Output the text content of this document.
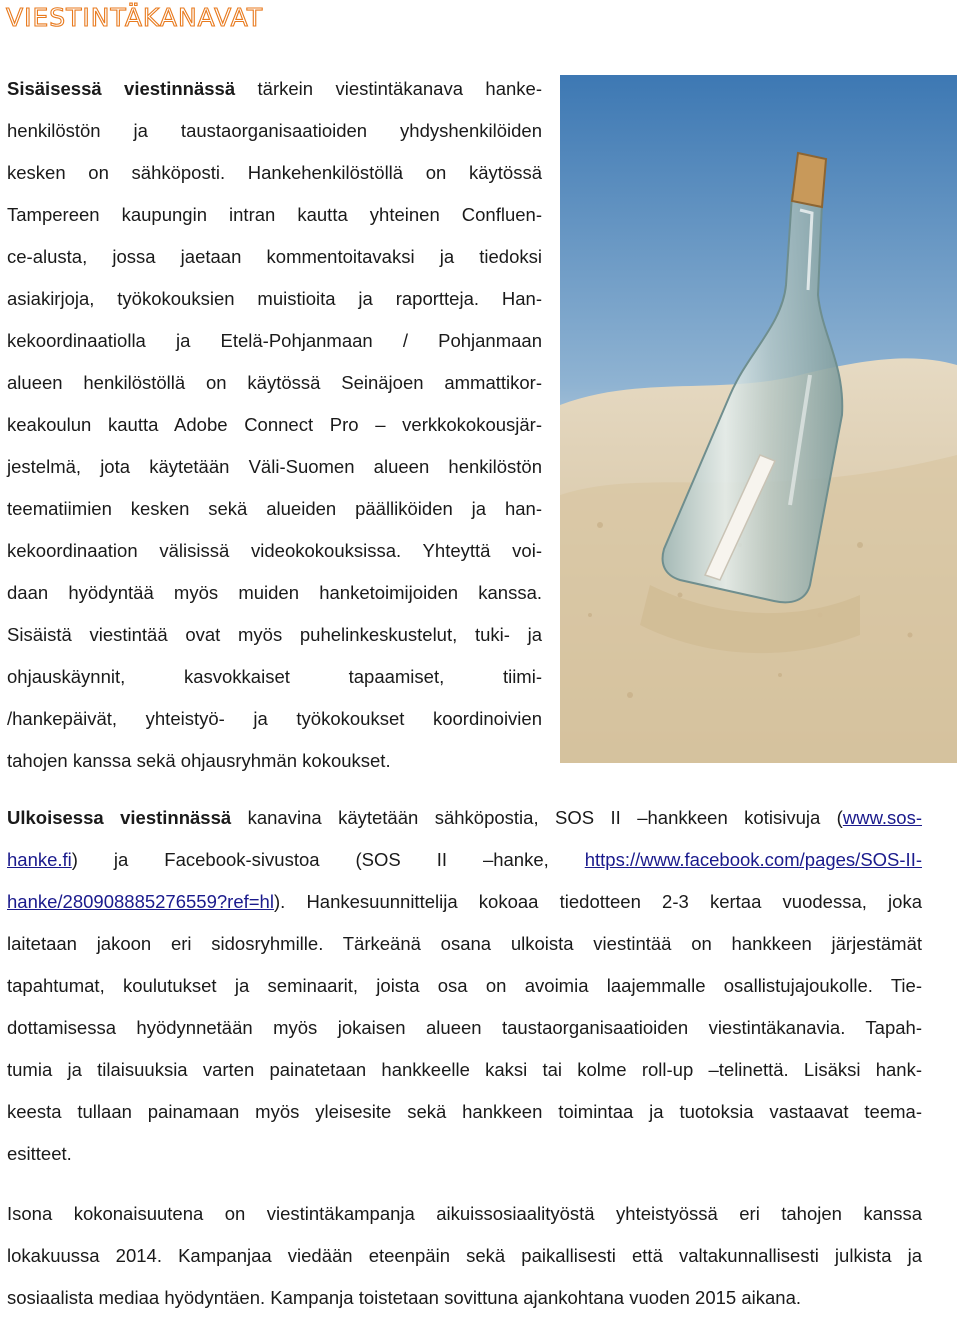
VIESTINTÄKANAVAT
Sisäisessä viestinnässä tärkein viestintäkanava hanke-
henkilöstön ja taustaorganisaatioiden yhdyshenkilöiden
kesken on sähköposti. Hankehenkilöstöllä on käytössä
Tampereen kaupungin intran kautta yhteinen Confluen-
ce-alusta, jossa jaetaan kommentoitavaksi ja tiedoksi
asiakirjoja, työkokouksien muistioita ja raportteja. Han-
kekoordinaatiolla ja Etelä-Pohjanmaan / Pohjanmaan
alueen henkilöstöllä on käytössä Seinäjoen ammattikor-
keakoulun kautta Adobe Connect Pro – verkkokokousjär-
jestelmä, jota käytetään Väli-Suomen alueen henkilöstön
teematiimien kesken sekä alueiden päälliköiden ja han-
kekoordinaation välisissä videokokouksissa. Yhteyttä voi-
daan hyödyntää myös muiden hanketoimijoiden kanssa.
Sisäistä viestintää ovat myös puhelinkeskustelut, tuki- ja
ohjauskäynnit, kasvokkaiset tapaamiset, tiimi-
/hankepäivät, yhteistyö- ja työkokoukset koordinoivien
tahojen kanssa sekä ohjausryhmän kokoukset.
Ulkoisessa viestinnässä kanavina käytetään sähköpostia, SOS II –hankkeen kotisivuja (www.sos-
hanke.fi) ja Facebook-sivustoa (SOS II –hanke, https://www.facebook.com/pages/SOS-II-
hanke/280908885276559?ref=hl). Hankesuunnittelija kokoaa tiedotteen 2-3 kertaa vuodessa, joka
laitetaan jakoon eri sidosryhmille. Tärkeänä osana ulkoista viestintää on hankkeen järjestämät
tapahtumat, koulutukset ja seminaarit, joista osa on avoimia laajemmalle osallistujajoukolle. Tie-
dottamisessa hyödynnetään myös jokaisen alueen taustaorganisaatioiden viestintäkanavia. Tapah-
tumia ja tilaisuuksia varten painatetaan hankkeelle kaksi tai kolme roll-up –telinettä. Lisäksi hank-
keesta tullaan painamaan myös yleisesite sekä hankkeen toimintaa ja tuotoksia vastaavat teema-
esitteet.
Isona kokonaisuutena on viestintäkampanja aikuissosiaalityöstä yhteistyössä eri tahojen kanssa
lokakuussa 2014. Kampanjaa viedään eteenpäin sekä paikallisesti että valtakunnallisesti julkista ja
sosiaalista mediaa hyödyntäen. Kampanja toistetaan sovittuna ajankohtana vuoden 2015 aikana.
